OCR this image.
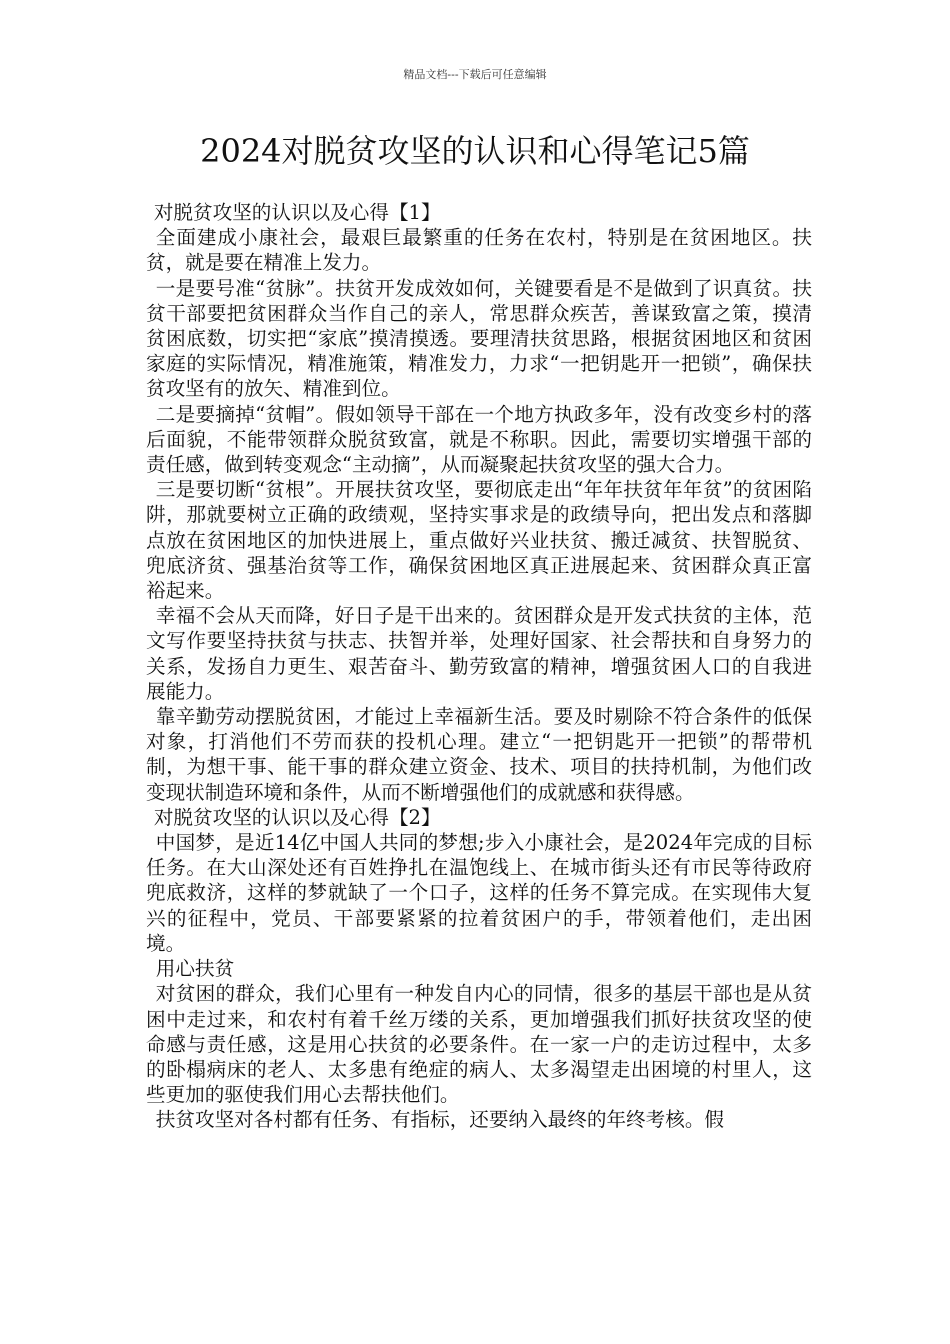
精品文档---下载后可任意编辑
2024对脱贫攻坚的认识和心得笔记5篇

对脱贫攻坚的认识以及心得【1】

全面建成小康社会，最艰巨最繁重的任务在农村，特别是在贫困地区。扶贫，就是要在精准上发力。

一是要号准“贫脉”。扶贫开发成效如何，关键要看是不是做到了识真贫。扶贫干部要把贫困群众当作自己的亲人，常思群众疾苦，善谋致富之策，摸清贫困底数，切实把“家底”摸清摸透。要理清扶贫思路，根据贫困地区和贫困家庭的实际情况，精准施策，精准发力，力求“一把钥匙开一把锁”，确保扶贫攻坚有的放矢、精准到位。

二是要摘掉“贫帽”。假如领导干部在一个地方执政多年，没有改变乡村的落后面貌，不能带领群众脱贫致富，就是不称职。因此，需要切实增强干部的责任感，做到转变观念“主动摘”，从而凝聚起扶贫攻坚的强大合力。

三是要切断“贫根”。开展扶贫攻坚，要彻底走出“年年扶贫年年贫”的贫困陷阱，那就要树立正确的政绩观，坚持实事求是的政绩导向，把出发点和落脚点放在贫困地区的加快进展上，重点做好兴业扶贫、搬迁减贫、扶智脱贫、兜底济贫、强基治贫等工作，确保贫困地区真正进展起来、贫困群众真正富裕起来。

幸福不会从天而降，好日子是干出来的。贫困群众是开发式扶贫的主体，范文写作要坚持扶贫与扶志、扶智并举，处理好国家、社会帮扶和自身努力的关系，发扬自力更生、艰苦奋斗、勤劳致富的精神，增强贫困人口的自我进展能力。

靠辛勤劳动摆脱贫困，才能过上幸福新生活。要及时剔除不符合条件的低保对象，打消他们不劳而获的投机心理。建立“一把钥匙开一把锁”的帮带机制，为想干事、能干事的群众建立资金、技术、项目的扶持机制，为他们改变现状制造环境和条件，从而不断增强他们的成就感和获得感。

对脱贫攻坚的认识以及心得【2】

中国梦，是近14亿中国人共同的梦想;步入小康社会，是2024年完成的目标任务。在大山深处还有百姓挣扎在温饱线上、在城市街头还有市民等待政府兜底救济，这样的梦就缺了一个口子，这样的任务不算完成。在实现伟大复兴的征程中，党员、干部要紧紧的拉着贫困户的手，带领着他们，走出困境。

用心扶贫

对贫困的群众，我们心里有一种发自内心的同情，很多的基层干部也是从贫困中走过来，和农村有着千丝万缕的关系，更加增强我们抓好扶贫攻坚的使命感与责任感，这是用心扶贫的必要条件。在一家一户的走访过程中，太多的卧榻病床的老人、太多患有绝症的病人、太多渴望走出困境的村里人，这些更加的驱使我们用心去帮扶他们。

扶贫攻坚对各村都有任务、有指标，还要纳入最终的年终考核。假
